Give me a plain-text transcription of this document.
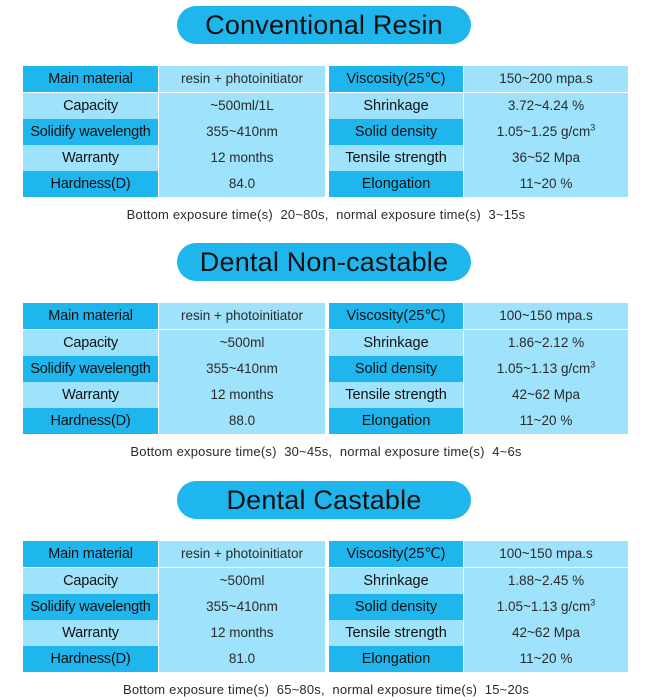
Conventional Resin
Main material	resin + photoinitiator	Viscosity(25℃)	150~200 mpa.s
Capacity	~500ml/1L	Shrinkage	3.72~4.24 %
Solidify wavelength	355~410nm	Solid density	1.05~1.25 $g/cm^3$
Warranty	12 months	Tensile strength	36~52 Mpa
Hardness(D)	84.0	Elongation	11~20 %
Bottom exposure time(s)  20~80s,  normal exposure time(s)  3~15s
Dental Non-castable
Main material	resin + photoinitiator	Viscosity(25℃)	100~150 mpa.s
Capacity	~500ml	Shrinkage	1.86~2.12 %
Solidify wavelength	355~410nm	Solid density	1.05~1.13 $g/cm^3$
Warranty	12 months	Tensile strength	42~62 Mpa
Hardness(D)	88.0	Elongation	11~20 %
Bottom exposure time(s)  30~45s,  normal exposure time(s)  4~6s
Dental Castable
Main material	resin + photoinitiator	Viscosity(25℃)	100~150 mpa.s
Capacity	~500ml	Shrinkage	1.88~2.45 %
Solidify wavelength	355~410nm	Solid density	1.05~1.13 $g/cm^3$
Warranty	12 months	Tensile strength	42~62 Mpa
Hardness(D)	81.0	Elongation	11~20 %
Bottom exposure time(s)  65~80s,  normal exposure time(s)  15~20s
